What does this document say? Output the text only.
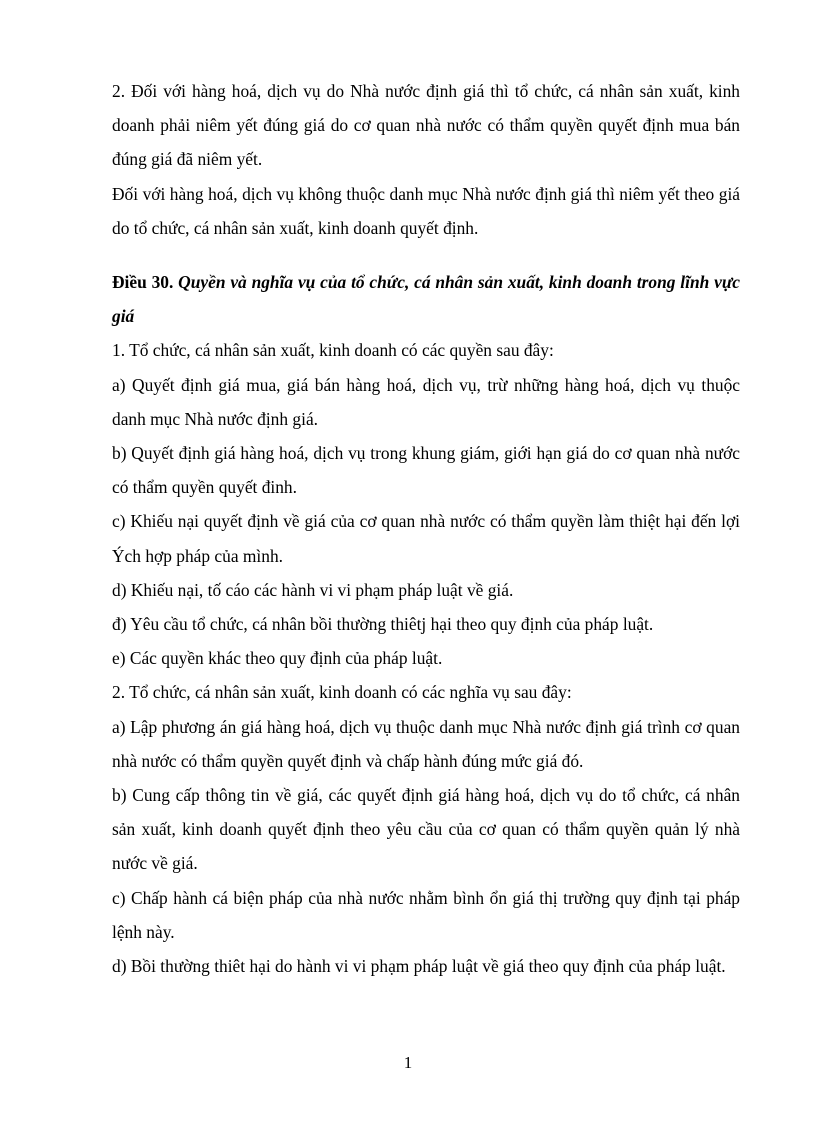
2. Đối với hàng hoá, dịch vụ do Nhà nước định giá thì tổ chức, cá nhân sản xuất, kinh doanh phải niêm yết đúng giá do cơ quan nhà nước có thẩm quyền quyết định mua bán đúng giá đã niêm yết.

Đối với hàng hoá, dịch vụ không thuộc danh mục Nhà nước định giá thì niêm yết theo giá do tổ chức, cá nhân sản xuất, kinh doanh quyết định.

Điều 30. Quyền và nghĩa vụ của tổ chức, cá nhân sản xuất, kinh doanh trong lĩnh vực giá

1. Tổ chức, cá nhân sản xuất, kinh doanh có các quyền sau đây:

a) Quyết định giá mua, giá bán hàng hoá, dịch vụ, trừ những hàng hoá, dịch vụ thuộc danh mục Nhà nước định giá.

b) Quyết định giá hàng hoá, dịch vụ trong khung giám, giới hạn giá do cơ quan nhà nước có thẩm quyền quyết đinh.

c) Khiếu nại quyết định về giá của cơ quan nhà nước có thẩm quyền làm thiệt hại đến lợi Ých hợp pháp của mình.

d) Khiếu nại, tố cáo các hành vi vi phạm pháp luật về giá.

đ) Yêu cầu tổ chức, cá nhân bồi thường thiêtj hại theo quy định của pháp luật.

e) Các quyền khác theo quy định của pháp luật.

2. Tổ chức, cá nhân sản xuất, kinh doanh có các nghĩa vụ sau đây:

a) Lập phương án giá hàng hoá, dịch vụ thuộc danh mục Nhà nước định giá trình cơ quan nhà nước có thẩm quyền quyết định và chấp hành đúng mức giá đó.

b) Cung cấp thông tin về giá, các quyết định giá hàng hoá, dịch vụ do tổ chức, cá nhân sản xuất, kinh doanh quyết định theo yêu cầu của cơ quan có thẩm quyền quản lý nhà nước về giá.

c) Chấp hành cá biện pháp của nhà nước nhằm bình ổn giá thị trường quy định tại pháp lệnh này.

d) Bồi thường thiêt hại do hành vi vi phạm pháp luật về giá theo quy định của pháp luật.

1
